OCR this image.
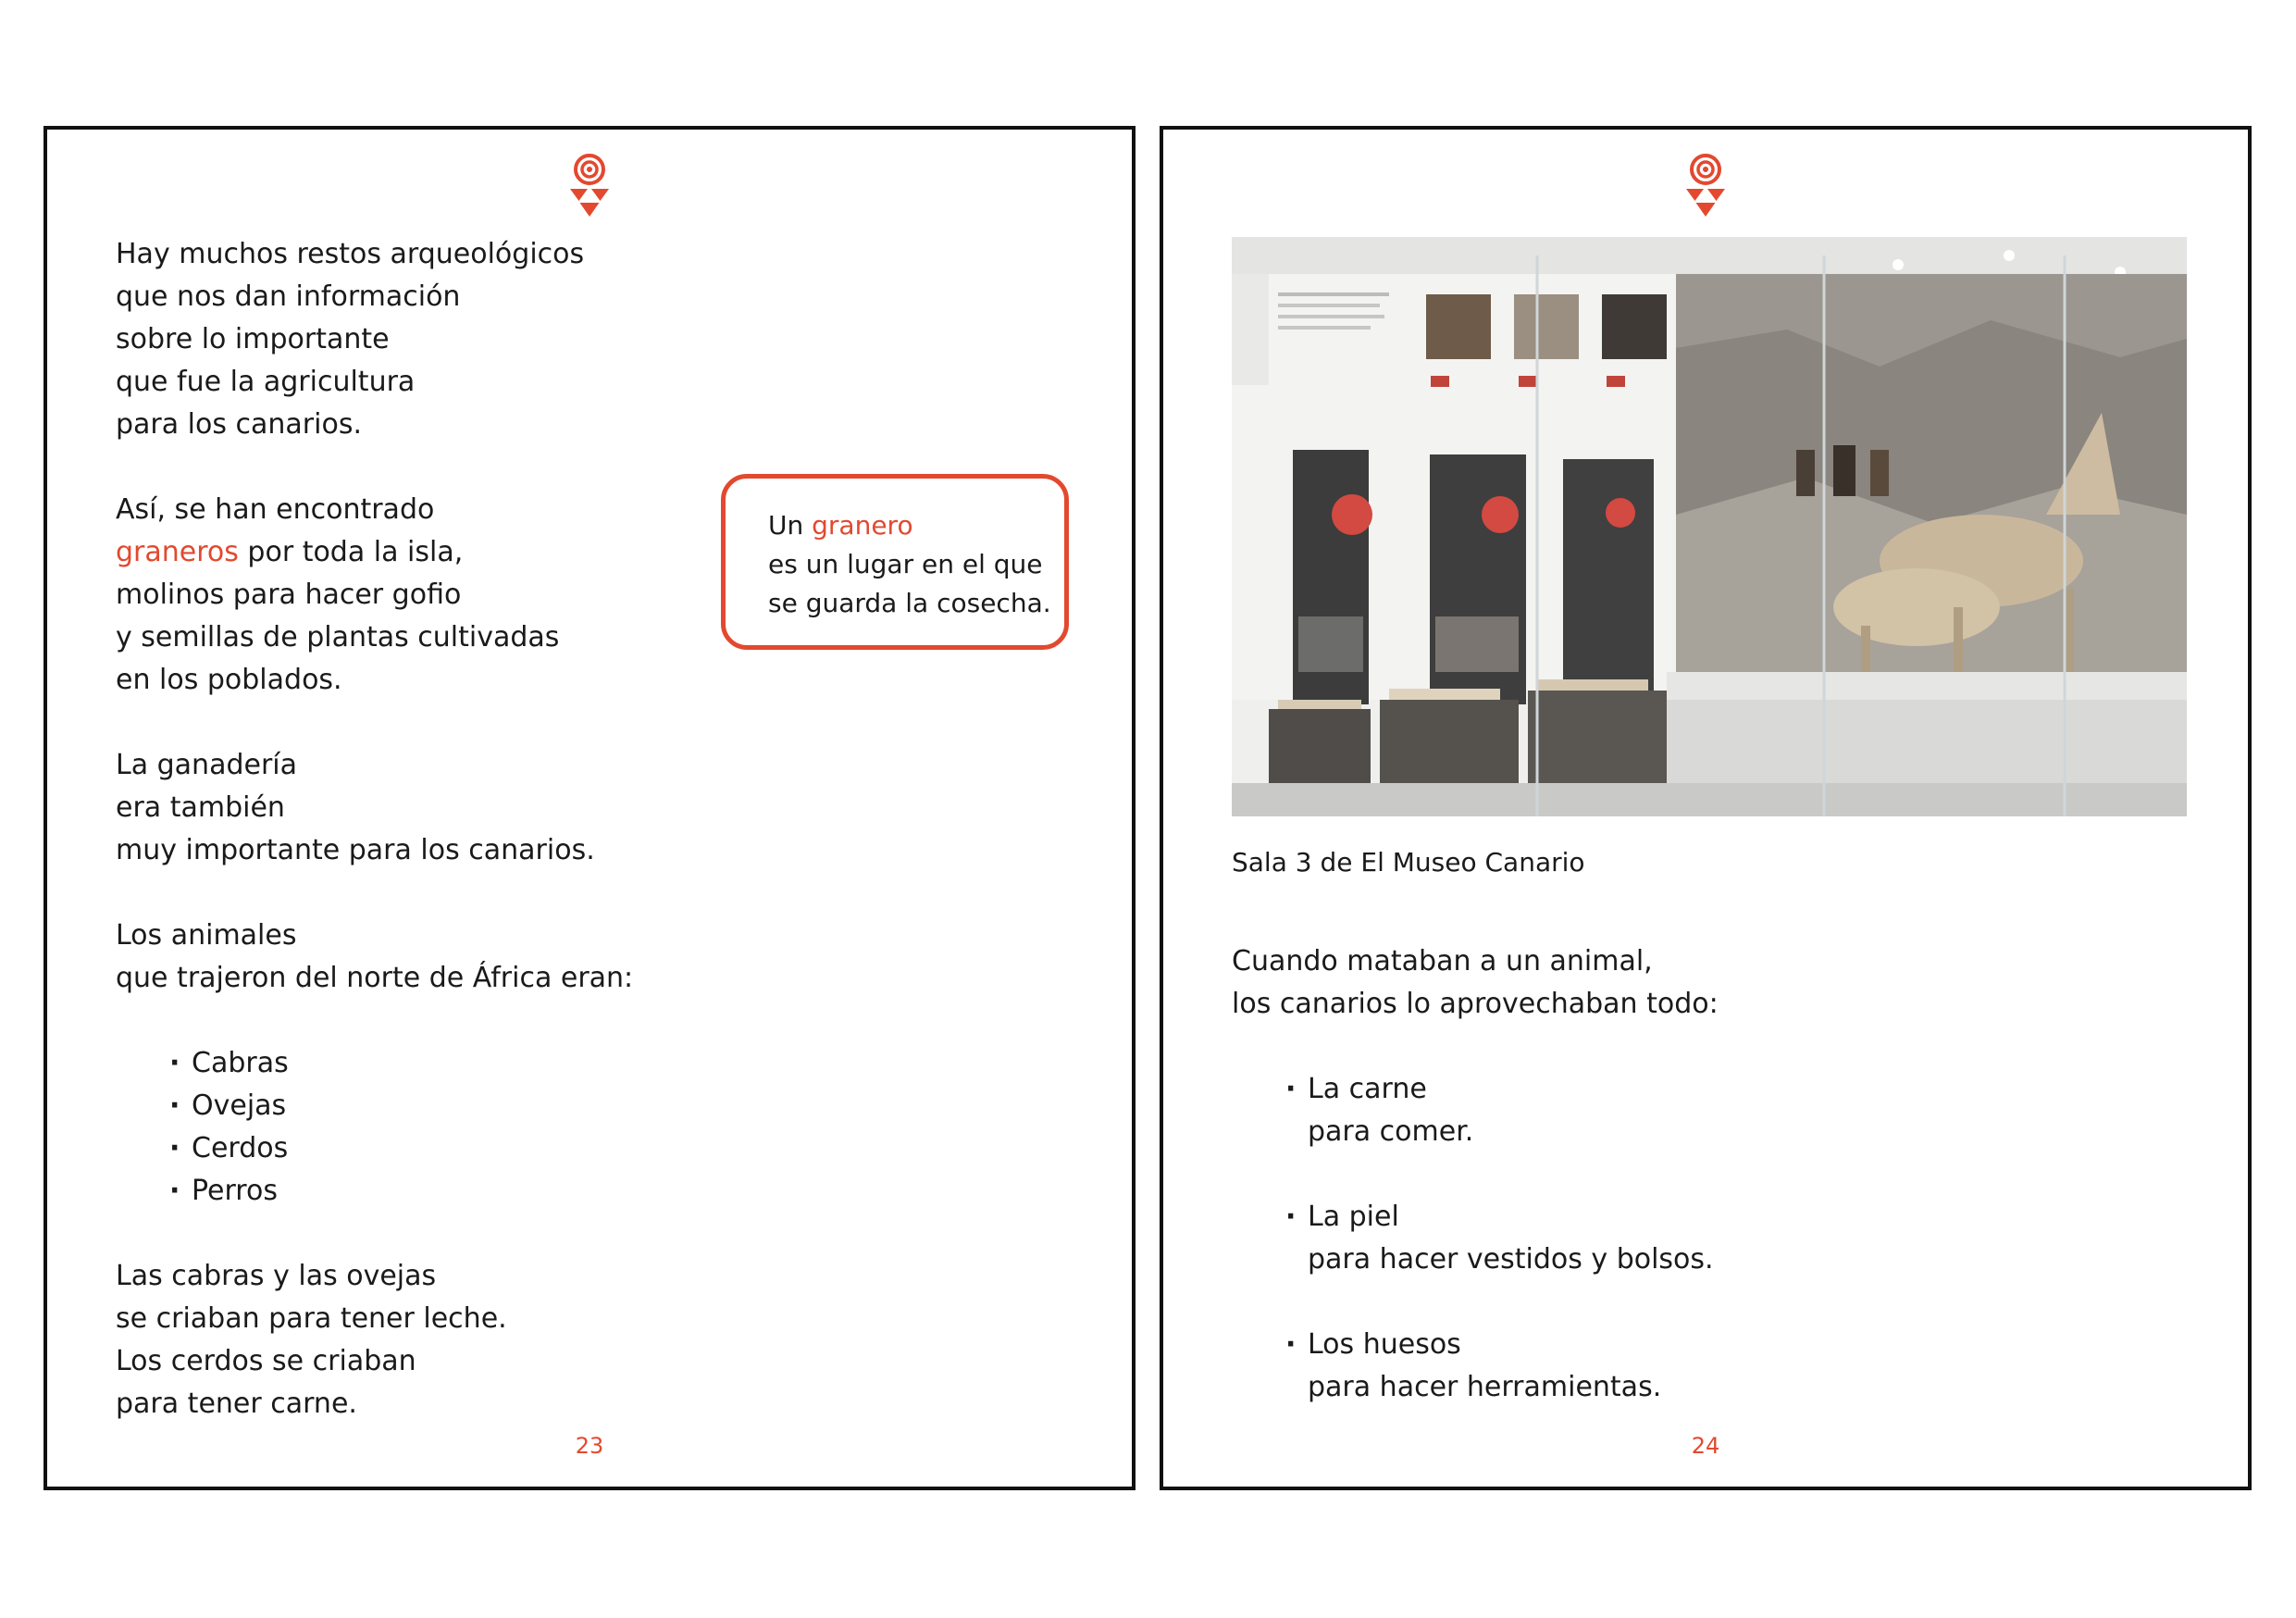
Hay muchos restos arqueológicos
que nos dan información
sobre lo importante
que fue la agricultura
para los canarios.
Así, se han encontrado
graneros por toda la isla,
molinos para hacer gofio
y semillas de plantas cultivadas
en los poblados.
La ganadería
era también
muy importante para los canarios.
Los animales
que trajeron del norte de África eran:
· Cabras
· Ovejas
· Cerdos
· Perros
Las cabras y las ovejas
se criaban para tener leche.
Los cerdos se criaban
para tener carne.
Un granero
es un lugar en el que
se guarda la cosecha.
23
Sala 3 de El Museo Canario
Cuando mataban a un animal,
los canarios lo aprovechaban todo:
· La carne
para comer.
· La piel
para hacer vestidos y bolsos.
· Los huesos
para hacer herramientas.
24
